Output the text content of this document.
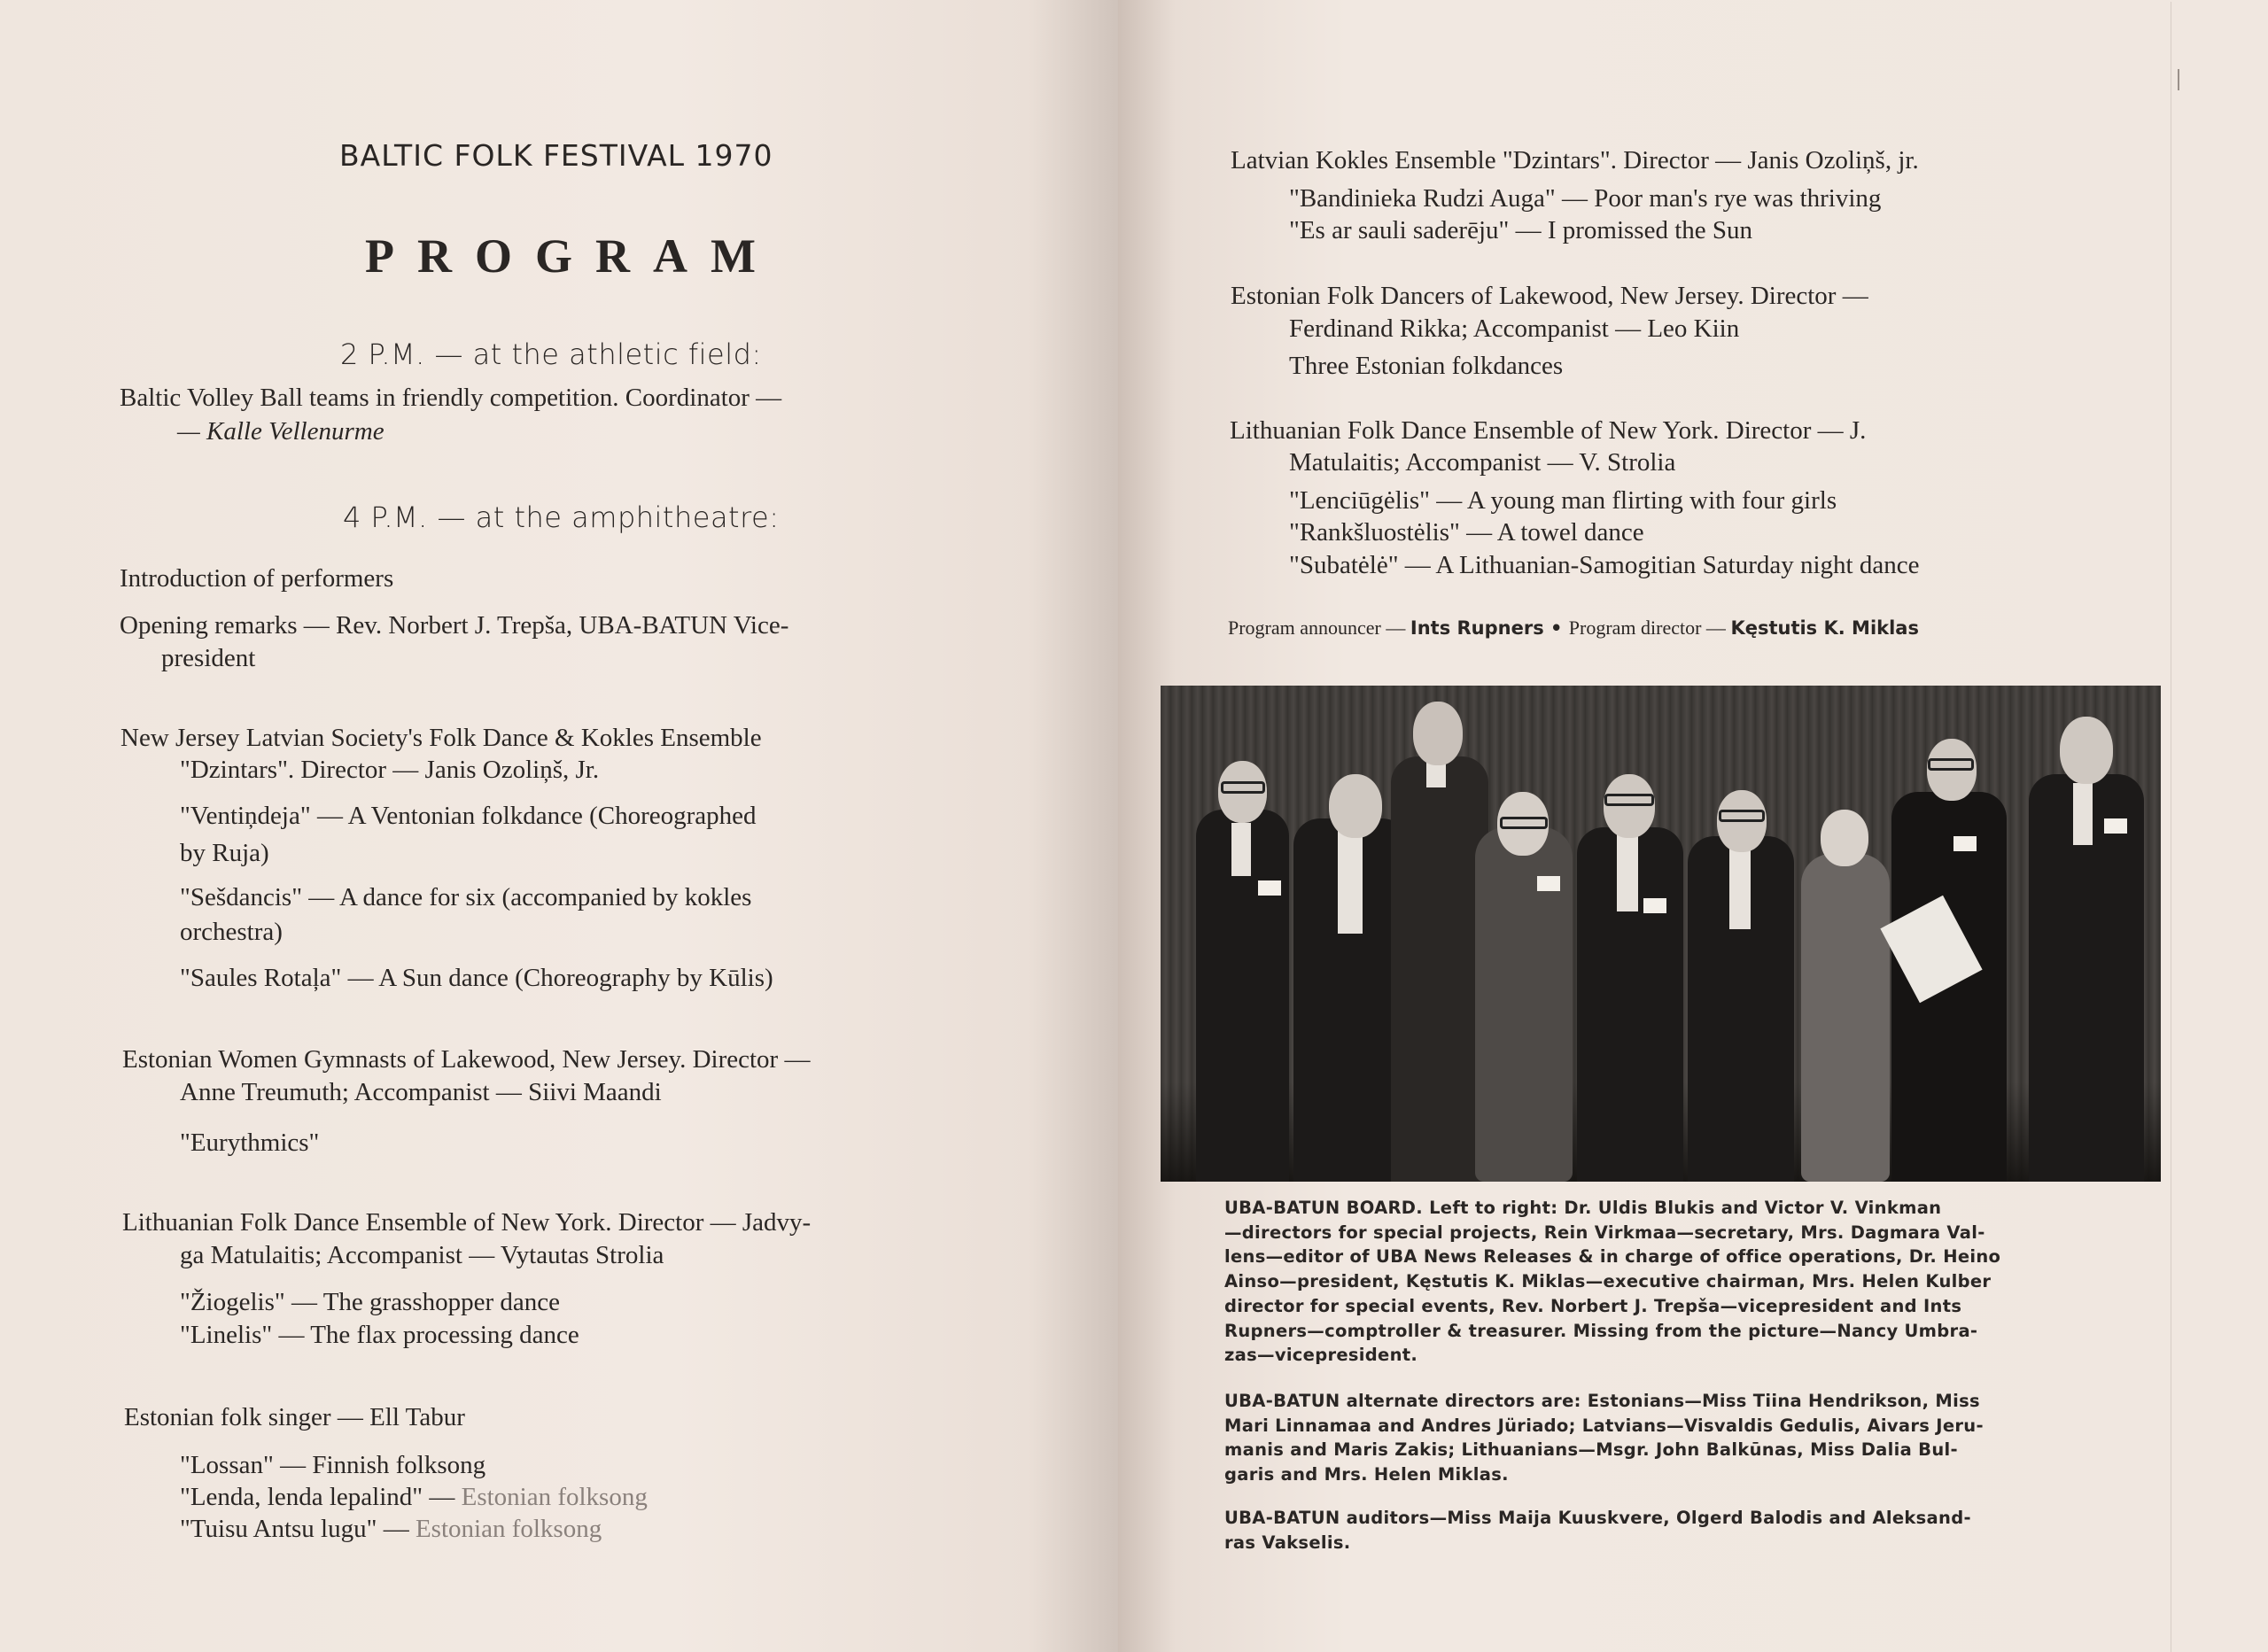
BALTIC FOLK FESTIVAL 1970
PROGRAM
2 P.M. — at the athletic field:
Baltic Volley Ball teams in friendly competition. Coordinator —
— Kalle Vellenurme
4 P.M. — at the amphitheatre:
Introduction of performers
Opening remarks — Rev. Norbert J. Trepša, UBA-BATUN Vice-
president
New Jersey Latvian Society's Folk Dance & Kokles Ensemble
"Dzintars". Director — Janis Ozoliņš, Jr.
"Ventiņdeja" — A Ventonian folkdance (Choreographed
by Ruja)
"Sešdancis" — A dance for six (accompanied by kokles
orchestra)
"Saules Rotaļa" — A Sun dance (Choreography by Kūlis)
Estonian Women Gymnasts of Lakewood, New Jersey. Director —
Anne Treumuth; Accompanist — Siivi Maandi
"Eurythmics"
Lithuanian Folk Dance Ensemble of New York. Director — Jadvy-
ga Matulaitis; Accompanist — Vytautas Strolia
"Žiogelis" — The grasshopper dance
"Linelis" — The flax processing dance
Estonian folk singer — Ell Tabur
"Lossan" — Finnish folksong
"Lenda, lenda lepalind" — Estonian folksong
"Tuisu Antsu lugu" — Estonian folksong
Latvian Kokles Ensemble "Dzintars". Director — Janis Ozoliņš, jr.
"Bandinieka Rudzi Auga" — Poor man's rye was thriving
"Es ar sauli saderēju" — I promissed the Sun
Estonian Folk Dancers of Lakewood, New Jersey. Director —
Ferdinand Rikka; Accompanist — Leo Kiin
Three Estonian folkdances
Lithuanian Folk Dance Ensemble of New York. Director — J.
Matulaitis; Accompanist — V. Strolia
"Lenciūgėlis" — A young man flirting with four girls
"Rankšluostėlis" — A towel dance
"Subatėlė" — A Lithuanian-Samogitian Saturday night dance
Program announcer — Ints Rupners • Program director — Kęstutis K. Miklas
UBA-BATUN BOARD. Left to right: Dr. Uldis Blukis and Victor V. Vinkman
—directors for special projects, Rein Virkmaa—secretary, Mrs. Dagmara Val-
lens—editor of UBA News Releases & in charge of office operations, Dr. Heino
Ainso—president, Kęstutis K. Miklas—executive chairman, Mrs. Helen Kulber
director for special events, Rev. Norbert J. Trepša—vicepresident and Ints
Rupners—comptroller & treasurer. Missing from the picture—Nancy Umbra-
zas—vicepresident.
UBA-BATUN alternate directors are: Estonians—Miss Tiina Hendrikson, Miss
Mari Linnamaa and Andres Jüriado; Latvians—Visvaldis Gedulis, Aivars Jeru-
manis and Maris Zakis; Lithuanians—Msgr. John Balkūnas, Miss Dalia Bul-
garis and Mrs. Helen Miklas.
UBA-BATUN auditors—Miss Maija Kuuskvere, Olgerd Balodis and Aleksand-
ras Vakselis.
